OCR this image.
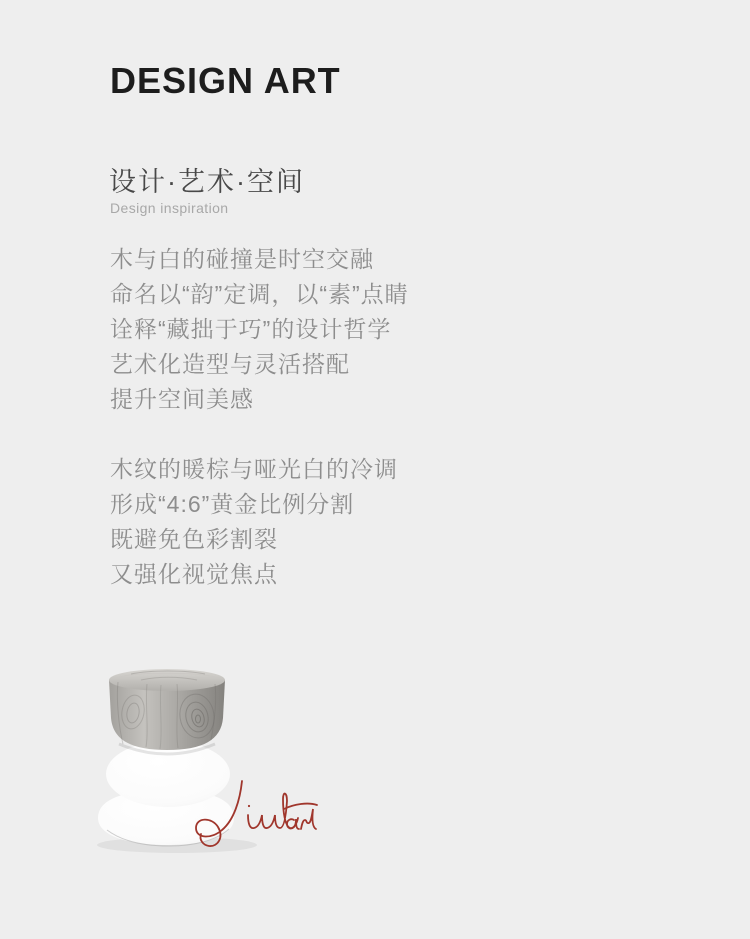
DESIGN ART
设计·艺术·空间
Design inspiration
木与白的碰撞是时空交融
命名以“韵”定调，以“素”点睛
诠释“藏拙于巧”的设计哲学
艺术化造型与灵活搭配
提升空间美感
木纹的暖棕与哑光白的冷调
形成“4:6”黄金比例分割
既避免色彩割裂
又强化视觉焦点
